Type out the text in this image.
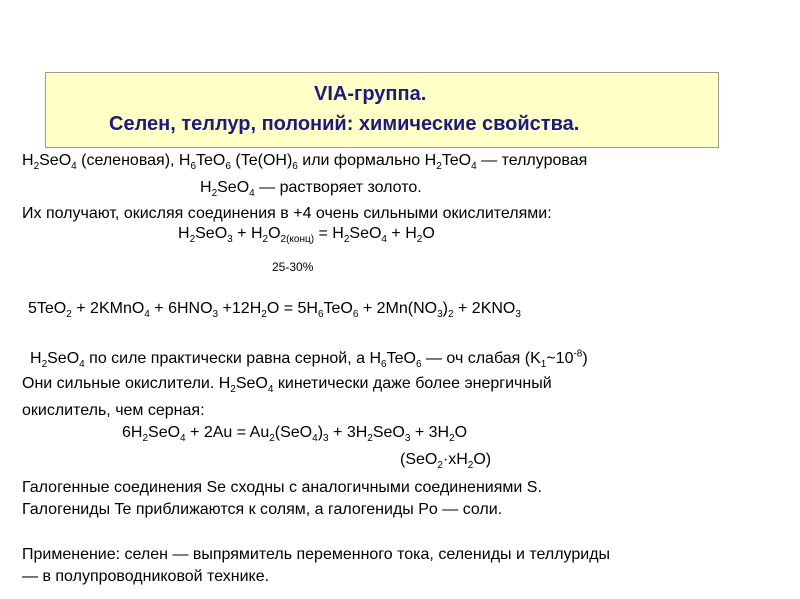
VIA-группа.
Селен, теллур, полоний: химические свойства.
$H_2SeO_4$ (селеновая), $H_6TeO_6$ ($Te(OH)_6$ или формально $H_2TeO_4$ — теллуровая
$H_2SeO_4$ — растворяет золото.
Их получают, окисляя соединения в +4 очень сильными окислителями:
$H_2SeO_3 + H_2O_{2(конц)} = H_2SeO_4 + H_2O$
25-30%
5TeO$_2$ + 2KMnO$_4$ + $6HNO_3 +12H_2O = 5H_6TeO_6 + 2Mn(NO_3)_2 + 2KNO_3$
$H_2SeO_4$ по силе практически равна серной, а $H_6TeO_6$ — оч слабая $(K_1\sim 10^{-8})$
Они сильные окислители. $H_2SeO_4$ кинетически даже более энергичный
окислитель, чем серная:
$6H_2SeO_4 + 2Au = Au_2(SeO_4)_3 + 3H_2SeO_3 + 3H_2O$
$(SeO_2\cdot xH_2O)$
Галогенные соединения Se сходны с аналогичными соединениями S.
Галогениды Te приближаются к солям, а галогениды Po — соли.
Применение: селен — выпрямитель переменного тока, селениды и теллуриды
— в полупроводниковой технике.
